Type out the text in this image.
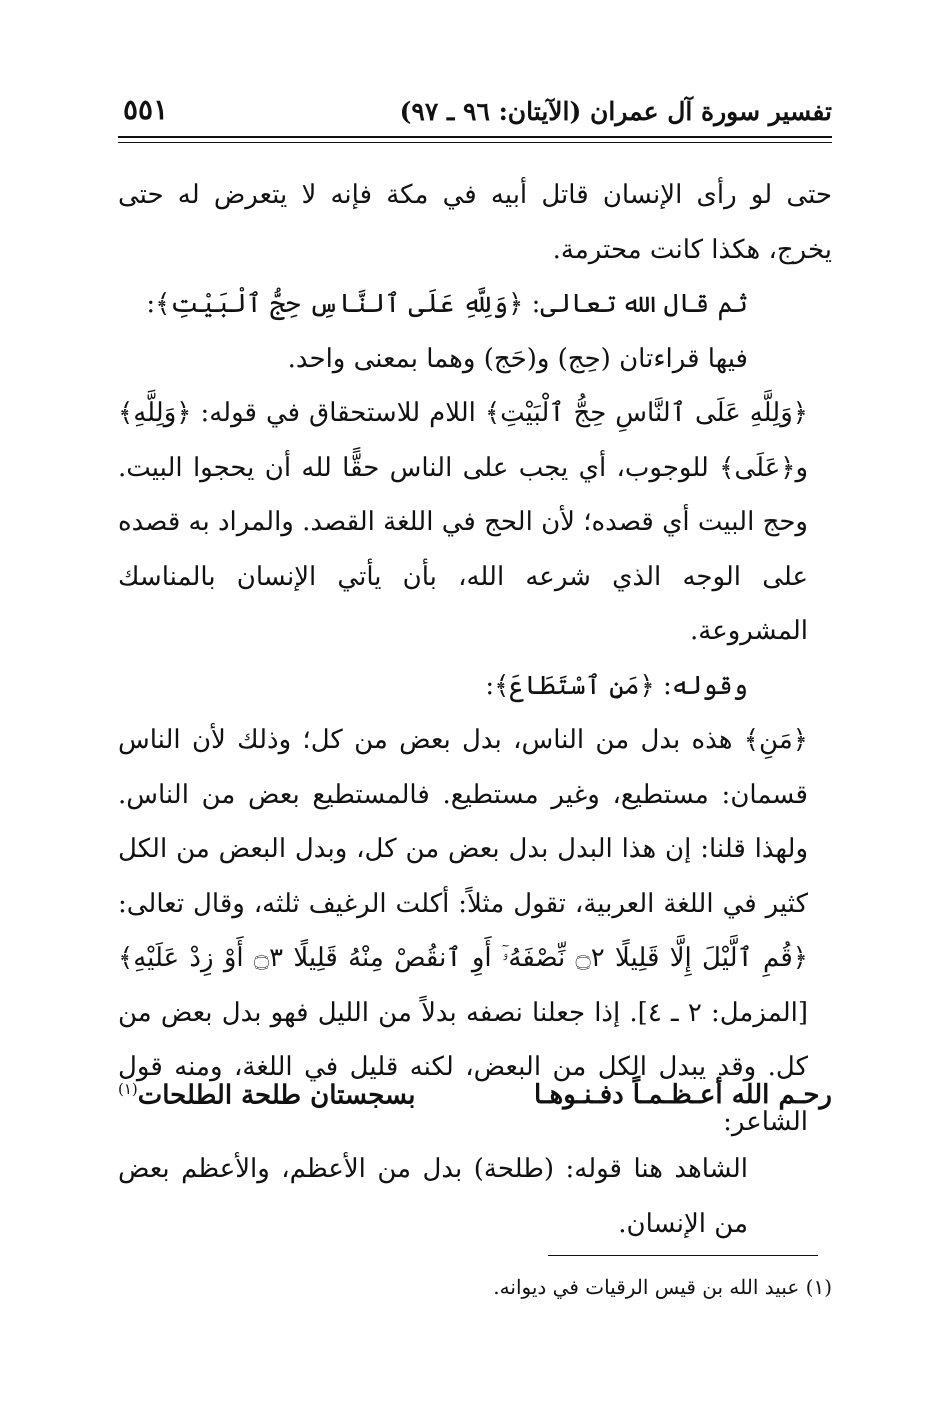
تفسير سورة آل عمران (الآيتان: ٩٦ ـ ٩٧)
٥٥١

حتى لو رأى الإنسان قاتل أبيه في مكة فإنه لا يتعرض له حتى يخرج، هكذا كانت محترمة.

ثم قال الله تعالى: ﴿وَلِلَّهِ عَلَى ٱلنَّاسِ حِجُّ ٱلْبَيْتِ﴾:

فيها قراءتان (حِج) و(حَج) وهما بمعنى واحد.

﴿وَلِلَّهِ عَلَى ٱلنَّاسِ حِجُّ ٱلْبَيْتِ﴾ اللام للاستحقاق في قوله: ﴿وَلِلَّهِ﴾ و﴿عَلَى﴾ للوجوب، أي يجب على الناس حقًّا لله أن يحجوا البيت. وحج البيت أي قصده؛ لأن الحج في اللغة القصد. والمراد به قصده على الوجه الذي شرعه الله، بأن يأتي الإنسان بالمناسك المشروعة.

وقوله: ﴿مَنِ ٱسْتَطَاعَ﴾:

﴿مَنِ﴾ هذه بدل من الناس، بدل بعض من كل؛ وذلك لأن الناس قسمان: مستطيع، وغير مستطيع. فالمستطيع بعض من الناس. ولهذا قلنا: إن هذا البدل بدل بعض من كل، وبدل البعض من الكل كثير في اللغة العربية، تقول مثلاً: أكلت الرغيف ثلثه، وقال تعالى: ﴿قُمِ ٱلَّيْلَ إِلَّا قَلِيلًا ۝٢ نِّصْفَهُۥٓ أَوِ ٱنقُصْ مِنْهُ قَلِيلًا ۝٣ أَوْ زِدْ عَلَيْهِ﴾ [المزمل: ٢ ـ ٤]. إذا جعلنا نصفه بدلاً من الليل فهو بدل بعض من كل. وقد يبدل الكل من البعض، لكنه قليل في اللغة، ومنه قول الشاعر:

رحـم الله أعـظـمـاً دفـنـوهـا
بسجستان طلحة الطلحات$^{(١)}$

الشاهد هنا قوله: (طلحة) بدل من الأعظم، والأعظم بعض من الإنسان.

(١) عبيد الله بن قيس الرقيات في ديوانه.
